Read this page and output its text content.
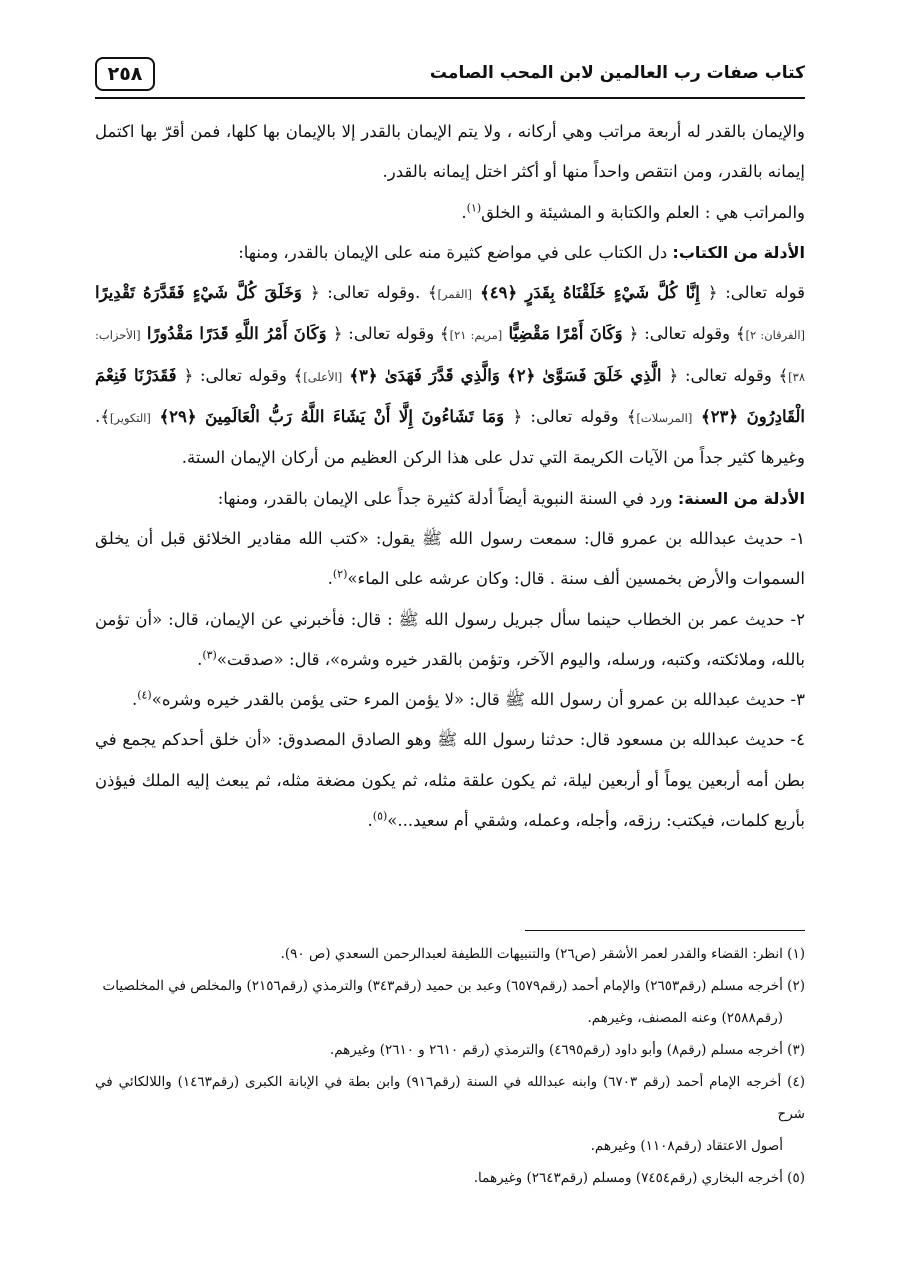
كتاب صفات رب العالمين لابن المحب الصامت
٢٥٨

والإيمان بالقدر له أربعة مراتب وهي أركانه ، ولا يتم الإيمان بالقدر إلا بالإيمان بها كلها، فمن أقرّ بها اكتمل إيمانه بالقدر، ومن انتقص واحداً منها أو أكثر اختل إيمانه بالقدر.

والمراتب هي : العلم والكتابة و المشيئة و الخلق$^{(١)}$.

الأدلة من الكتاب: دل الكتاب على في مواضع كثيرة منه على الإيمان بالقدر، ومنها:

قوله تعالى: ﴿ إِنَّا كُلَّ شَيْءٍ خَلَقْنَاهُ بِقَدَرٍ ﴿٤٩﴾ [القمر]﴾ .وقوله تعالى: ﴿ وَخَلَقَ كُلَّ شَيْءٍ فَقَدَّرَهُ تَقْدِيرًا [الفرقان: ٢]﴾ وقوله تعالى: ﴿ وَكَانَ أَمْرًا مَقْضِيًّا [مريم: ٢١]﴾ وقوله تعالى: ﴿ وَكَانَ أَمْرُ اللَّهِ قَدَرًا مَقْدُورًا [الأحزاب: ٣٨]﴾ وقوله تعالى: ﴿ الَّذِي خَلَقَ فَسَوَّىٰ ﴿٢﴾ وَالَّذِي قَدَّرَ فَهَدَىٰ ﴿٣﴾ [الأعلى]﴾ وقوله تعالى: ﴿ فَقَدَرْنَا فَنِعْمَ الْقَادِرُونَ ﴿٢٣﴾ [المرسلات]﴾ وقوله تعالى: ﴿ وَمَا تَشَاءُونَ إِلَّا أَنْ يَشَاءَ اللَّهُ رَبُّ الْعَالَمِينَ ﴿٢٩﴾ [التكوير]﴾. وغيرها كثير جداً من الآيات الكريمة التي تدل على هذا الركن العظيم من أركان الإيمان الستة.

الأدلة من السنة: ورد في السنة النبوية أيضاً أدلة كثيرة جداً على الإيمان بالقدر، ومنها:

١- حديث عبدالله بن عمرو قال: سمعت رسول الله ﷺ يقول: «كتب الله مقادير الخلائق قبل أن يخلق السموات والأرض بخمسين ألف سنة . قال: وكان عرشه على الماء»$^{(٢)}$.

٢- حديث عمر بن الخطاب حينما سأل جبريل رسول الله ﷺ : قال: فأخبرني عن الإيمان، قال: «أن تؤمن بالله، وملائكته، وكتبه، ورسله، واليوم الآخر، وتؤمن بالقدر خيره وشره»، قال: «صدقت»$^{(٣)}$.

٣- حديث عبدالله بن عمرو أن رسول الله ﷺ قال: «لا يؤمن المرء حتى يؤمن بالقدر خيره وشره»$^{(٤)}$.

٤- حديث عبدالله بن مسعود قال: حدثنا رسول الله ﷺ وهو الصادق المصدوق: «أن خلق أحدكم يجمع في بطن أمه أربعين يوماً أو أربعين ليلة، ثم يكون علقة مثله، ثم يكون مضغة مثله، ثم يبعث إليه الملك فيؤذن بأربع كلمات، فيكتب: رزقه، وأجله، وعمله، وشقي أم سعيد...»$^{(٥)}$.

(١) انظر: القضاء والقدر لعمر الأشقر (ص٢٦) والتنبيهات اللطيفة لعبدالرحمن السعدي (ص ٩٠).

(٢) أخرجه مسلم (رقم٢٦٥٣) والإمام أحمد (رقم٦٥٧٩) وعبد بن حميد (رقم٣٤٣) والترمذي (رقم٢١٥٦) والمخلص في المخلصيات

(رقم٢٥٨٨) وعنه المصنف، وغيرهم.

(٣) أخرجه مسلم (رقم٨) وأبو داود (رقم٤٦٩٥) والترمذي (رقم ٢٦١٠ و ٢٦١٠) وغيرهم.

(٤) أخرجه الإمام أحمد (رقم ٦٧٠٣) وابنه عبدالله في السنة (رقم٩١٦) وابن بطة في الإبانة الكبرى (رقم١٤٦٣) واللالكائي في شرح

أصول الاعتقاد (رقم١١٠٨) وغيرهم.

(٥) أخرجه البخاري (رقم٧٤٥٤) ومسلم (رقم٢٦٤٣) وغيرهما.
